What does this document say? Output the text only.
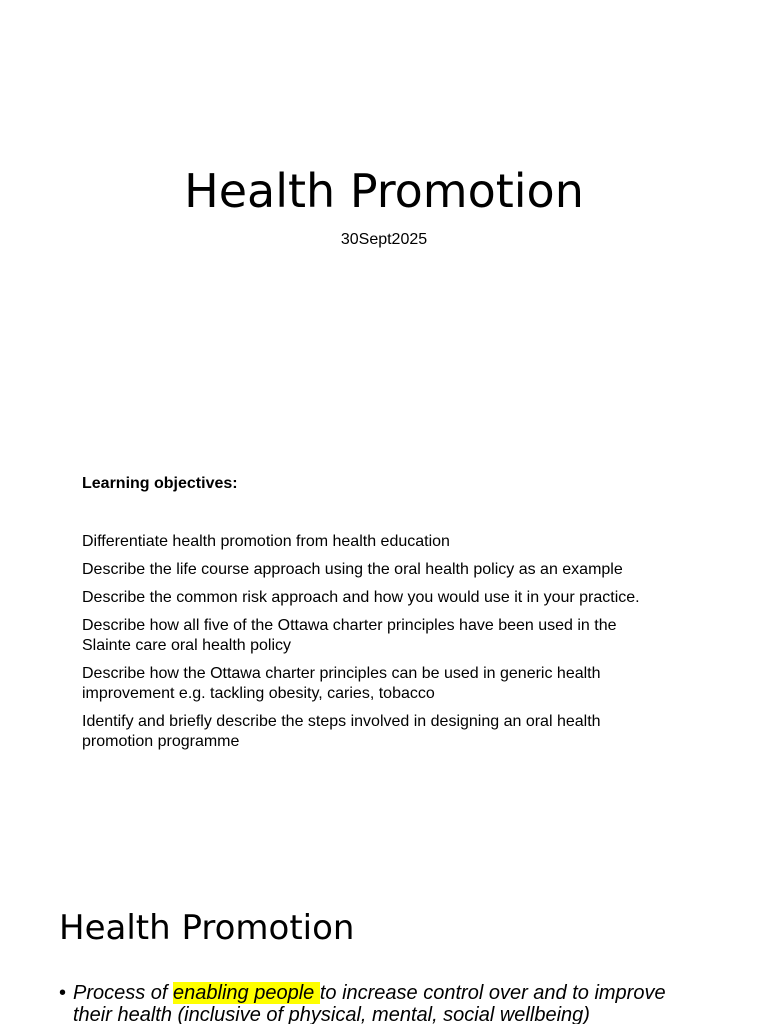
Health Promotion
30Sept2025

Learning objectives:

Differentiate health promotion from health education
Describe the life course approach using the oral health policy as an example
Describe the common risk approach and how you would use it in your practice.
Describe how all five of the Ottawa charter principles have been used in the Slainte care oral health policy
Describe how the Ottawa charter principles can be used in generic health improvement e.g. tackling obesity, caries, tobacco
Identify and briefly describe the steps involved in designing an oral health promotion programme
Health Promotion
• Process of enabling people to increase control over and to improve their health (inclusive of physical, mental, social wellbeing)
